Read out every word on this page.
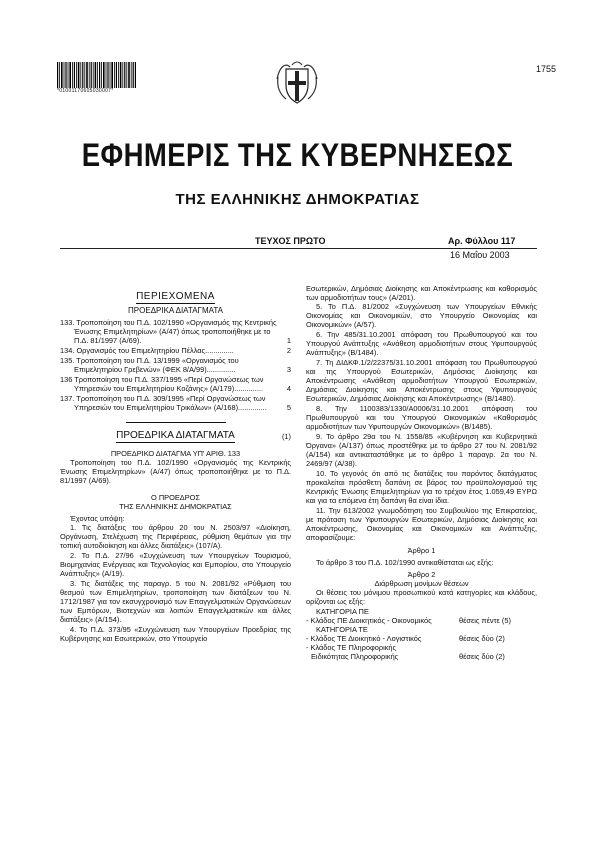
*01001170605030007*
1755
ΕΦΗΜΕΡΙΣ ΤΗΣ ΚΥΒΕΡΝΗΣΕΩΣ
ΤΗΣ ΕΛΛΗΝΙΚΗΣ ΔΗΜΟΚΡΑΤΙΑΣ
ΤΕΥΧΟΣ ΠΡΩΤΟ	Αρ. Φύλλου 117
16 Μαΐου 2003
ΠΕΡΙΕΧΟΜΕΝΑ
ΠΡΟΕΔΡΙΚΑ ΔΙΑΤΑΓΜΑΤΑ
133. Τροποποίηση του Π.Δ. 102/1990 «Οργανισμός της Κεντρικής Ένωσης Επιμελητηρίων» (Α/47) όπως τροποποιήθηκε με το Π.Δ. 81/1997 (Α/69).	1
134. Οργανισμός του Επιμελητηρίου Πέλλας..............	2
135. Τροποποίηση του Π.Δ. 13/1999 «Οργανισμός του Επιμελητηρίου Γρεβενών» (ΦΕΚ 8/Α/99)..............	3
136 Τροποποίηση του Π.Δ. 337/1995 «Περί Οργανώσεως των Υπηρεσιών του Επιμελητηρίου Κοζάνης» (Α/179)..............	4
137. Τροποποίηση του Π.Δ. 309/1995 «Περί Οργανώσεως των Υπηρεσιών του Επιμελητηρίου Τρικάλων» (Α/168)..............	5
ΠΡΟΕΔΡΙΚΑ ΔΙΑΤΑΓΜΑΤΑ	(1)
ΠΡΟΕΔΡΙΚΟ ΔΙΑΤΑΓΜΑ ΥΠ' ΑΡΙΘ. 133
Τροποποίηση του Π.Δ. 102/1990 «Οργανισμός της Κεντρικής Ένωσης Επιμελητηρίων» (Α/47) όπως τροποποιήθηκε με το Π.Δ. 81/1997 (Α/69).
Ο ΠΡΟΕΔΡΟΣ
ΤΗΣ ΕΛΛΗΝΙΚΗΣ ΔΗΜΟΚΡΑΤΙΑΣ
Έχοντας υπόψη:
1. Τις διατάξεις του άρθρου 20 του Ν. 2503/97 «Διοίκηση, Οργάνωση, Στελέχωση της Περιφέρειας, ρύθμιση θεμάτων για την τοπική αυτοδιοίκηση και άλλες διατάξεις» (107/Α).
2. Το Π.Δ. 27/96 «Συγχώνευση των Υπουργείων Τουρισμού, Βιομηχανίας Ενέργειας και Τεχνολογίας και Εμπορίου, στο Υπουργείο Ανάπτυξης» (Α/19).
3. Τις διατάξεις της παραγρ. 5 του Ν. 2081/92 «Ρύθμιση του θεσμού των Επιμελητηρίων, τροποποίηση των διατάξεων του Ν. 1712/1987 για τον εκσυγχρονισμό των Επαγγελματικών Οργανώσεων των Εμπόρων, Βιοτεχνών και λοιπών Επαγγελματικών και άλλες διατάξεις» (Α/154).
4. Το Π.Δ. 373/95 «Συγχώνευση των Υπουργείων Προεδρίας της Κυβέρνησης και Εσωτερικών, στο Υπουργείο
Εσωτερικών, Δημόσιας Διοίκησης και Αποκέντρωσης και καθορισμός των αρμοδιοτήτων τους» (Α/201).
5. Το Π.Δ. 81/2002 «Συγχώνευση των Υπουργείων Εθνικής Οικονομίας και Οικονομικών, στο Υπουργείο Οικονομίας και Οικονομικών» (Α/57).
6. Την 485/31.10.2001 απόφαση του Πρωθυπουργού και του Υπουργού Ανάπτυξης «Ανάθεση αρμοδιοτήτων στους Υφυπουργούς Ανάπτυξης» (Β/1484).
7. Τη ΔΙΔΚΦ.1/2/22375/31.10.2001 απόφαση του Πρωθυπουργού και της Υπουργού Εσωτερικών, Δημόσιας Διοίκησης και Αποκέντρωσης «Ανάθεση αρμοδιοτήτων Υπουργού Εσωτερικών, Δημόσιας Διοίκησης και Αποκέντρωσης στους Υφυπουργούς Εσωτερικών, Δημόσιας Διοίκησης και Αποκέντρωσης» (Β/1480).
8. Την 1100383/1330/Α0006/31.10.2001 απόφαση του Πρωθυπουργού και του Υπουργού Οικονομικών «Καθορισμός αρμοδιοτήτων των Υφυπουργών Οικονομικών» (Β/1485).
9. Το άρθρο 29α του Ν. 1558/85 «Κυβέρνηση και Κυβερνητικά Όργανα» (Α/137) όπως προστέθηκε με το άρθρο 27 του Ν. 2081/92 (Α/154) και αντικαταστάθηκε με το άρθρο 1 παραγρ. 2α του Ν. 2469/97 (Α/38).
10. Το γεγονός ότι από τις διατάξεις του παρόντος διατάγματος προκαλείται πρόσθετη δαπάνη σε βάρος του προϋπολογισμού της Κεντρικής Ένωσης Επιμελητηρίων για το τρέχον έτος 1.059,49 ΕΥΡΩ και για τα επόμενα έτη δαπάνη θα είναι ίδια.
11. Την 613/2002 γνωμοδότηση του Συμβουλίου της Επικρατείας, με πρόταση των Υφυπουργών Εσωτερικών, Δημόσιας Διοίκησης και Αποκέντρωσης, Οικονομίας και Οικονομικών και Ανάπτυξης, αποφασίζουμε:
Άρθρο 1
Το άρθρο 3 του Π.Δ. 102/1990 αντικαθίσταται ως εξής:
Άρθρο 2
Διάρθρωση μονίμων θέσεων
Οι θέσεις του μόνιμου προσωπικού κατά κατηγορίες και κλάδους, ορίζονται ως εξής:
ΚΑΤΗΓΟΡΙΑ ΠΕ
- Κλάδος ΠΕ Διοικητικός - Οικονομικός	θέσεις πέντε (5)
ΚΑΤΗΓΟΡΙΑ ΤΕ
- Κλάδος ΤΕ Διοικητικό - Λογιστικός	θέσεις δύο (2)
- Κλάδος ΤΕ Πληροφορικής
Ειδικότητας Πληροφορικής	θέσεις δύο (2)
